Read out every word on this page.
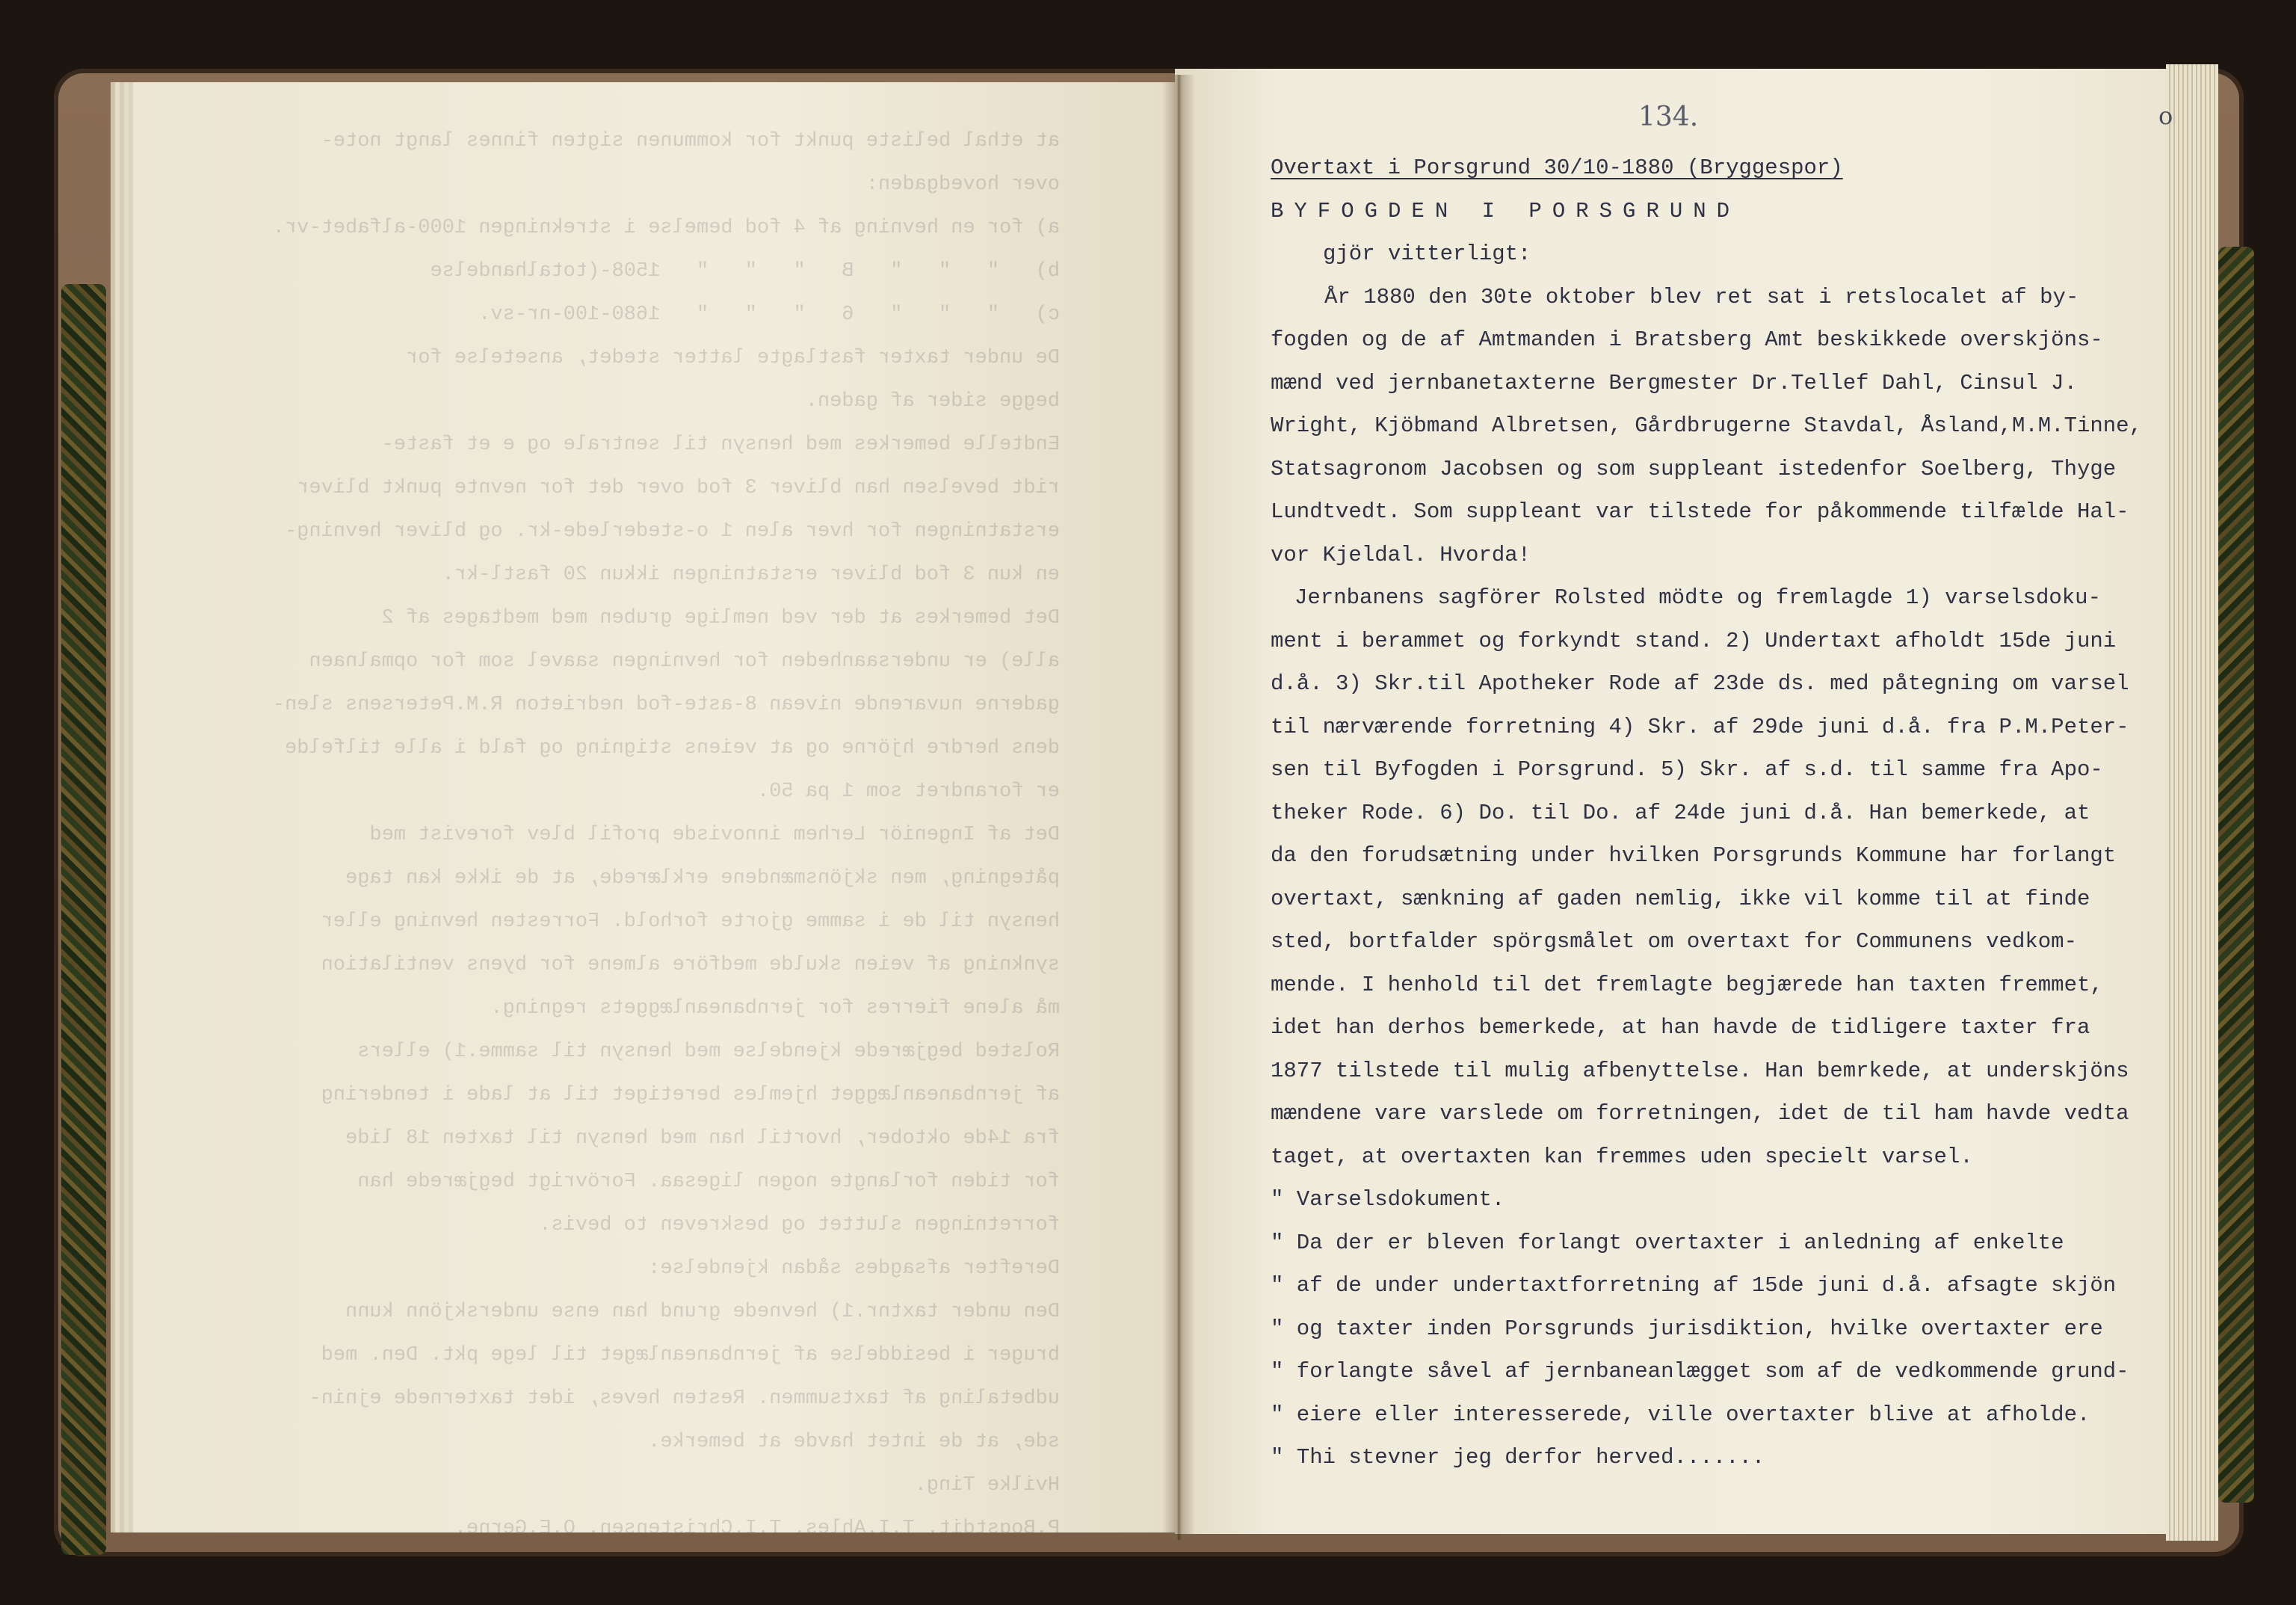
at ethal beliste punkt for kommunen sigten finnes langt note-
over hovedgaden:
a) for en hevning af 4 fod bemelse i strekningen 1000-alfabet-vr.
b)   "   "   "   B   "   "   "   1508-(totalhandelse
c)   "   "   "   6   "   "   "   1680-100-nr-sv.
De under taxter fastlagte latter stedet, ansetelse for
begge sider af gaden.
Endtelle bemerkes med hensyn til sentrale og e et faste-
ridt bevelsen han bliver 3 fod over det for nevnte punkt bliver
erstatningen for hver alen 1 o-stederlede-kr. og bliver hevning-
en kun 3 fod bliver erstatningen ikkun 20 fastl-kr.
Det bemerkes at der ved nemlige gruben med medtages af 2
alle) er undersaanheden for hevningen saavel som for opmalnaen
gaderne nuvarende nivean 8-aste-fod nedrieton R.M.Petersens slen-
dens herdre hjörne og at veiens stigning og fald i alle tilfelde
er forandret som 1 pa 50.
Det af Ingeniör Lerhem innovisde profil blev forevist med
påtegning, men skjönsmændene erklærede, at de ikke kan tage
hensyn til de i samme gjorte forhold. Forresten hevning eller
synkning af veien skulde medföre almene for byens ventilation
må alene fierres for jernbaneanlæggets regning.
Rolsted begjærede kjendelse med hensyn til samme.1) ellers
af jernbaneanlægget hjemles beretiget til at lade i tendering
fra 14de oktober, hvortil han med hensyn til taxten 18 lide
for tiden forlangte nogen ligesaa. Forövrigt begjærede han
forretningen sluttet og beskreven to bevis.
Derefter afsagdes sådan kjendelse:
Den under taxtnr.1) hevnede grund han ense underskjönn kunn
bruger i besiddelse af jernbaneanlæget til lege pkt. Den. med
udbetaling af taxtsummen. Resten heves, idet taxternede ejnin-
sde, at de intet havde at bemerke.
Hvilke Ting.
P.Bogstdit. T.I.Ahles. T.I.Christensen. O.E.Gerne.
134.	o

Overtaxt i Porsgrund 30/10-1880 (Bryggespor)

BYFOGDEN I PORSGRUND

gjör vitterligt:

År 1880 den 30te oktober blev ret sat i retslocalet af by-

fogden og de af Amtmanden i Bratsberg Amt beskikkede overskjöns-

mænd ved jernbanetaxterne Bergmester Dr.Tellef Dahl, Cinsul J.

Wright, Kjöbmand Albretsen, Gårdbrugerne Stavdal, Åsland,M.M.Tinne,

Statsagronom Jacobsen og som suppleant istedenfor Soelberg, Thyge

Lundtvedt. Som suppleant var tilstede for påkommende tilfælde Hal-

vor Kjeldal. Hvorda!

Jernbanens sagförer Rolsted mödte og fremlagde 1) varselsdoku-

ment i berammet og forkyndt stand. 2) Undertaxt afholdt 15de juni

d.å. 3) Skr.til Apotheker Rode af 23de ds. med påtegning om varsel

til nærværende forretning 4) Skr. af 29de juni d.å. fra P.M.Peter-

sen til Byfogden i Porsgrund. 5) Skr. af s.d. til samme fra Apo-

theker Rode. 6) Do. til Do. af 24de juni d.å. Han bemerkede, at

da den forudsætning under hvilken Porsgrunds Kommune har forlangt

overtaxt, sænkning af gaden nemlig, ikke vil komme til at finde

sted, bortfalder spörgsmålet om overtaxt for Communens vedkom-

mende. I henhold til det fremlagte begjærede han taxten fremmet,

idet han derhos bemerkede, at han havde de tidligere taxter fra

1877 tilstede til mulig afbenyttelse. Han bemrkede, at underskjöns

mændene vare varslede om forretningen, idet de til ham havde vedta

taget, at overtaxten kan fremmes uden specielt varsel.

" Varselsdokument.

" Da der er bleven forlangt overtaxter i anledning af enkelte

" af de under undertaxtforretning af 15de juni d.å. afsagte skjön

" og taxter inden Porsgrunds jurisdiktion, hvilke overtaxter ere

" forlangte såvel af jernbaneanlægget som af de vedkommende grund-

" eiere eller interesserede, ville overtaxter blive at afholde.

" Thi stevner jeg derfor herved.......
